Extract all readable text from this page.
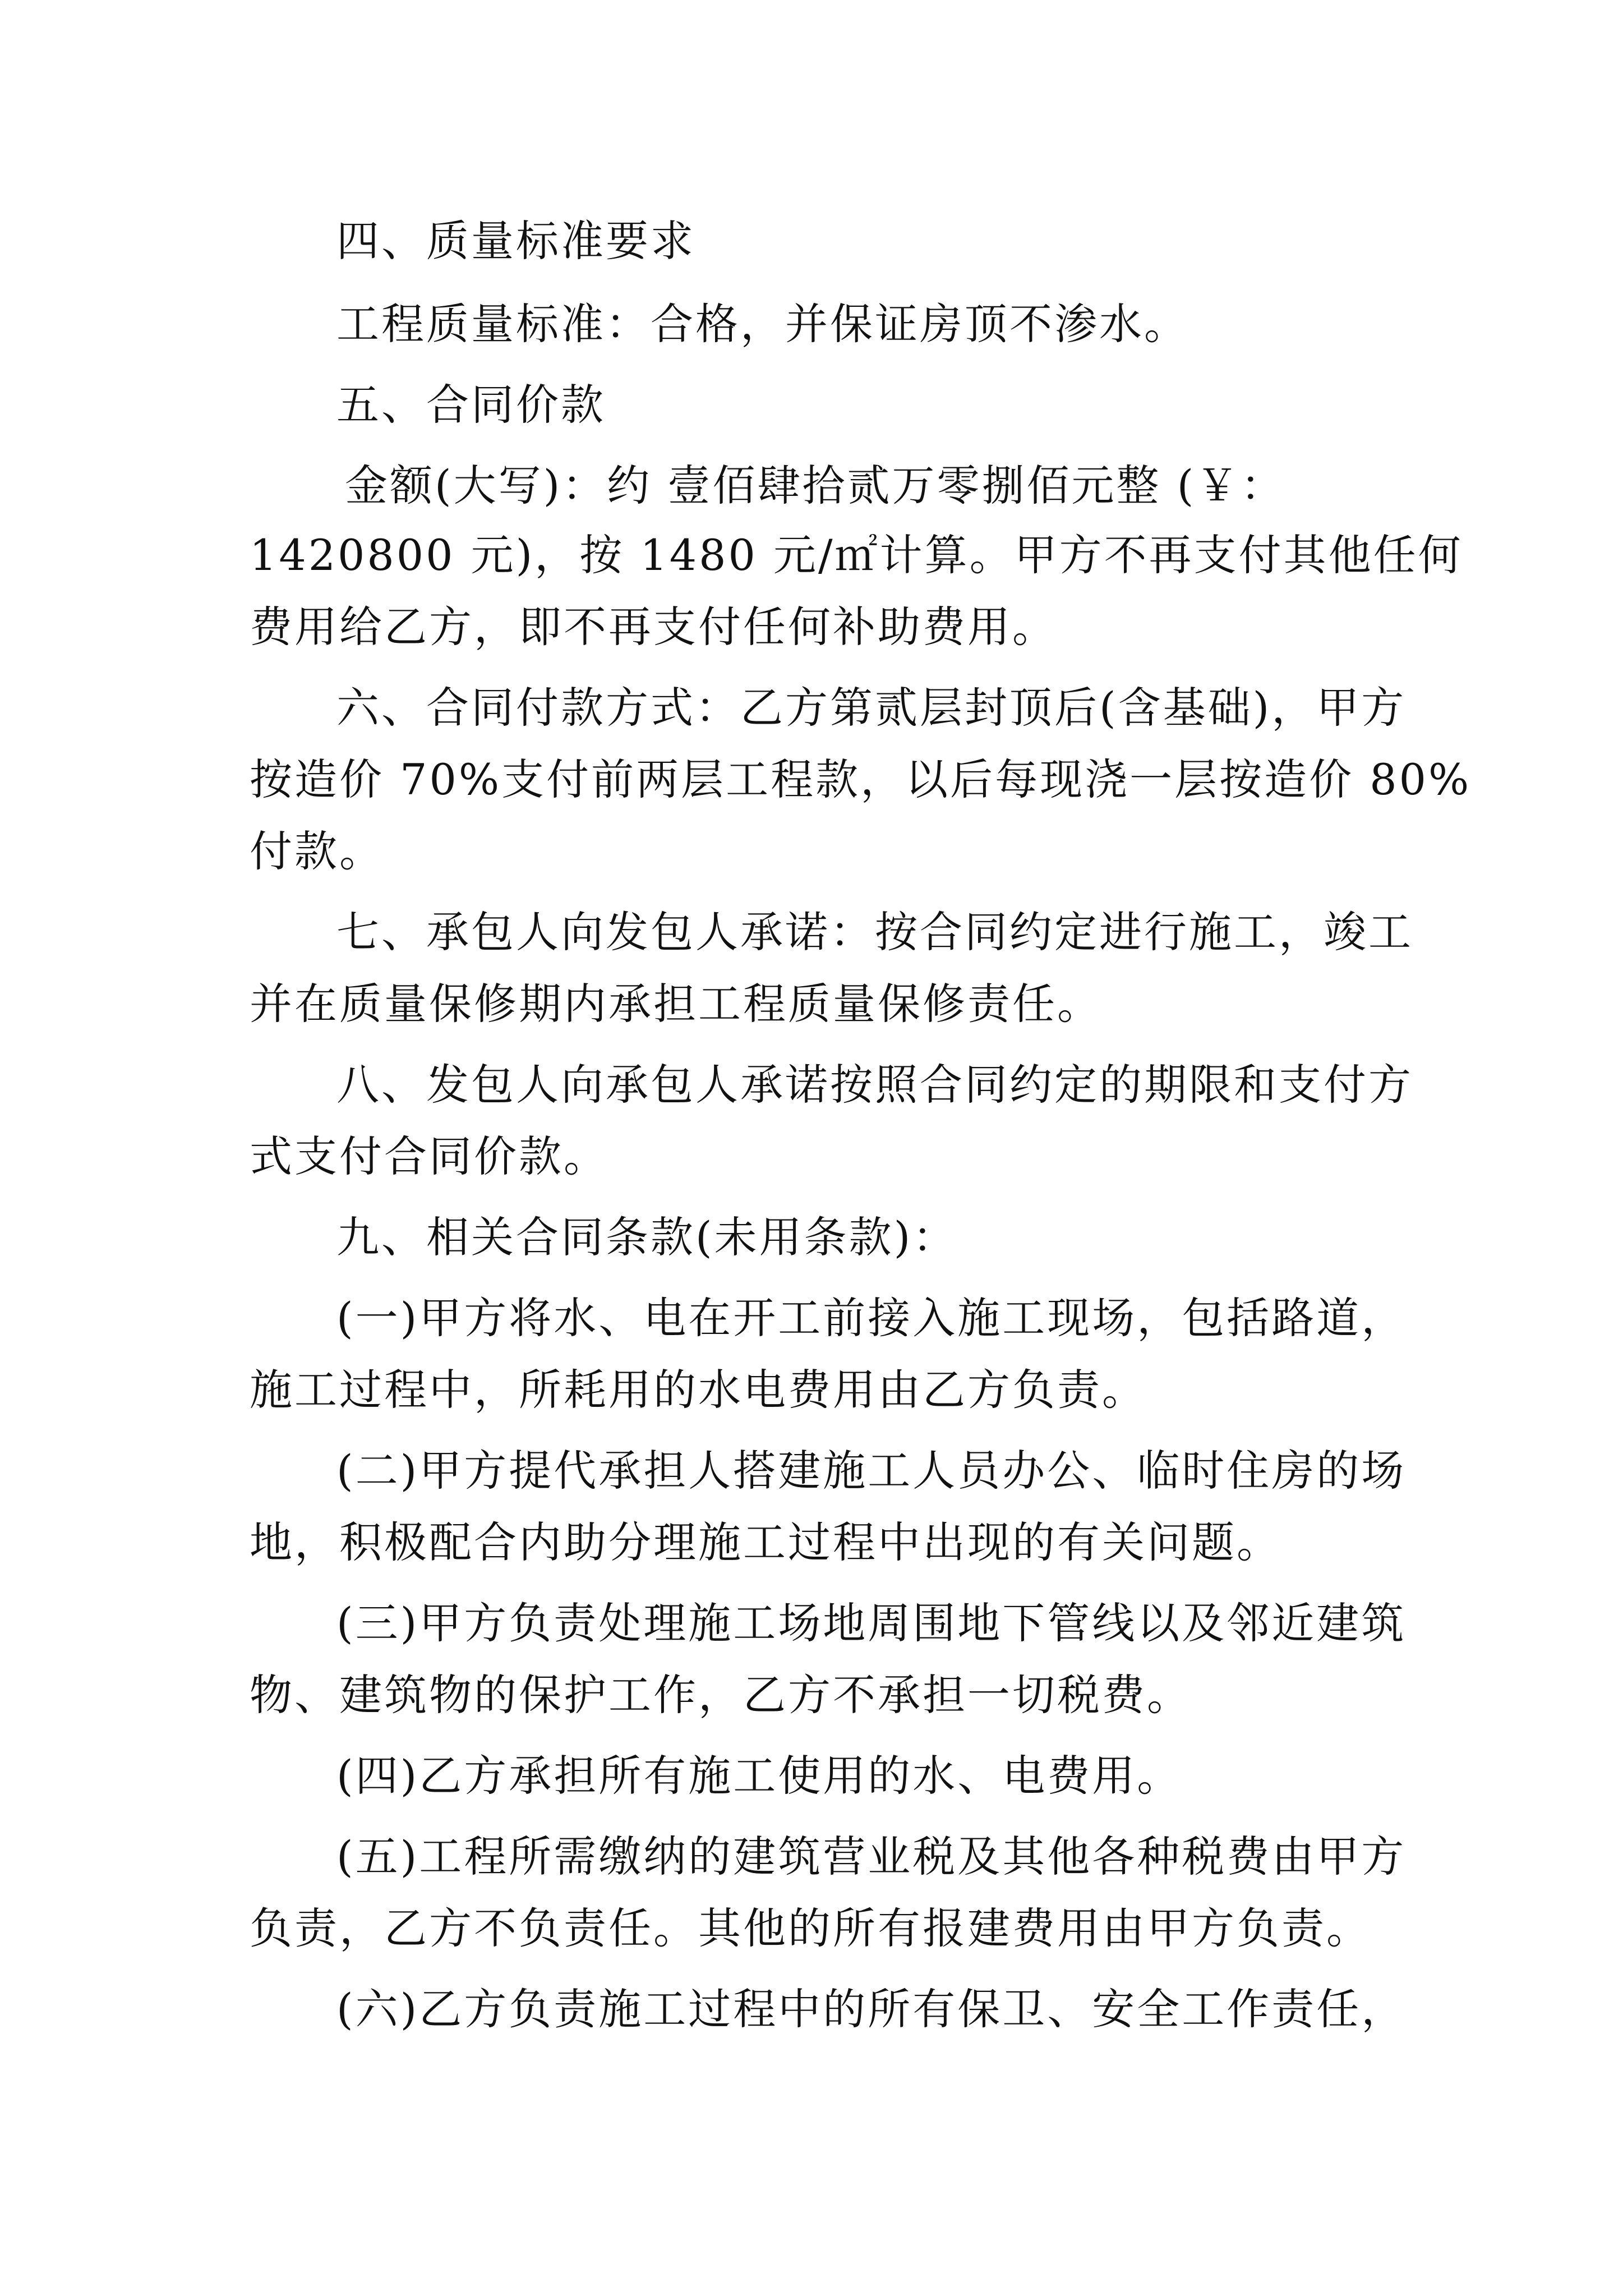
四、质量标准要求
工程质量标准：合格，并保证房顶不渗水。
五、合同价款
金额(大写)：约 壹佰肆拾贰万零捌佰元整 (￥：
1420800 元)，按 1480 元/㎡计算。甲方不再支付其他任何
费用给乙方，即不再支付任何补助费用。
六、合同付款方式：乙方第贰层封顶后(含基础)，甲方
按造价 70%支付前两层工程款，以后每现浇一层按造价 80%
付款。
七、承包人向发包人承诺：按合同约定进行施工，竣工
并在质量保修期内承担工程质量保修责任。
八、发包人向承包人承诺按照合同约定的期限和支付方
式支付合同价款。
九、相关合同条款(未用条款)：
(一)甲方将水、电在开工前接入施工现场，包括路道，
施工过程中，所耗用的水电费用由乙方负责。
(二)甲方提代承担人搭建施工人员办公、临时住房的场
地，积极配合内助分理施工过程中出现的有关问题。
(三)甲方负责处理施工场地周围地下管线以及邻近建筑
物、建筑物的保护工作，乙方不承担一切税费。
(四)乙方承担所有施工使用的水、电费用。
(五)工程所需缴纳的建筑营业税及其他各种税费由甲方
负责，乙方不负责任。其他的所有报建费用由甲方负责。
(六)乙方负责施工过程中的所有保卫、安全工作责任，
